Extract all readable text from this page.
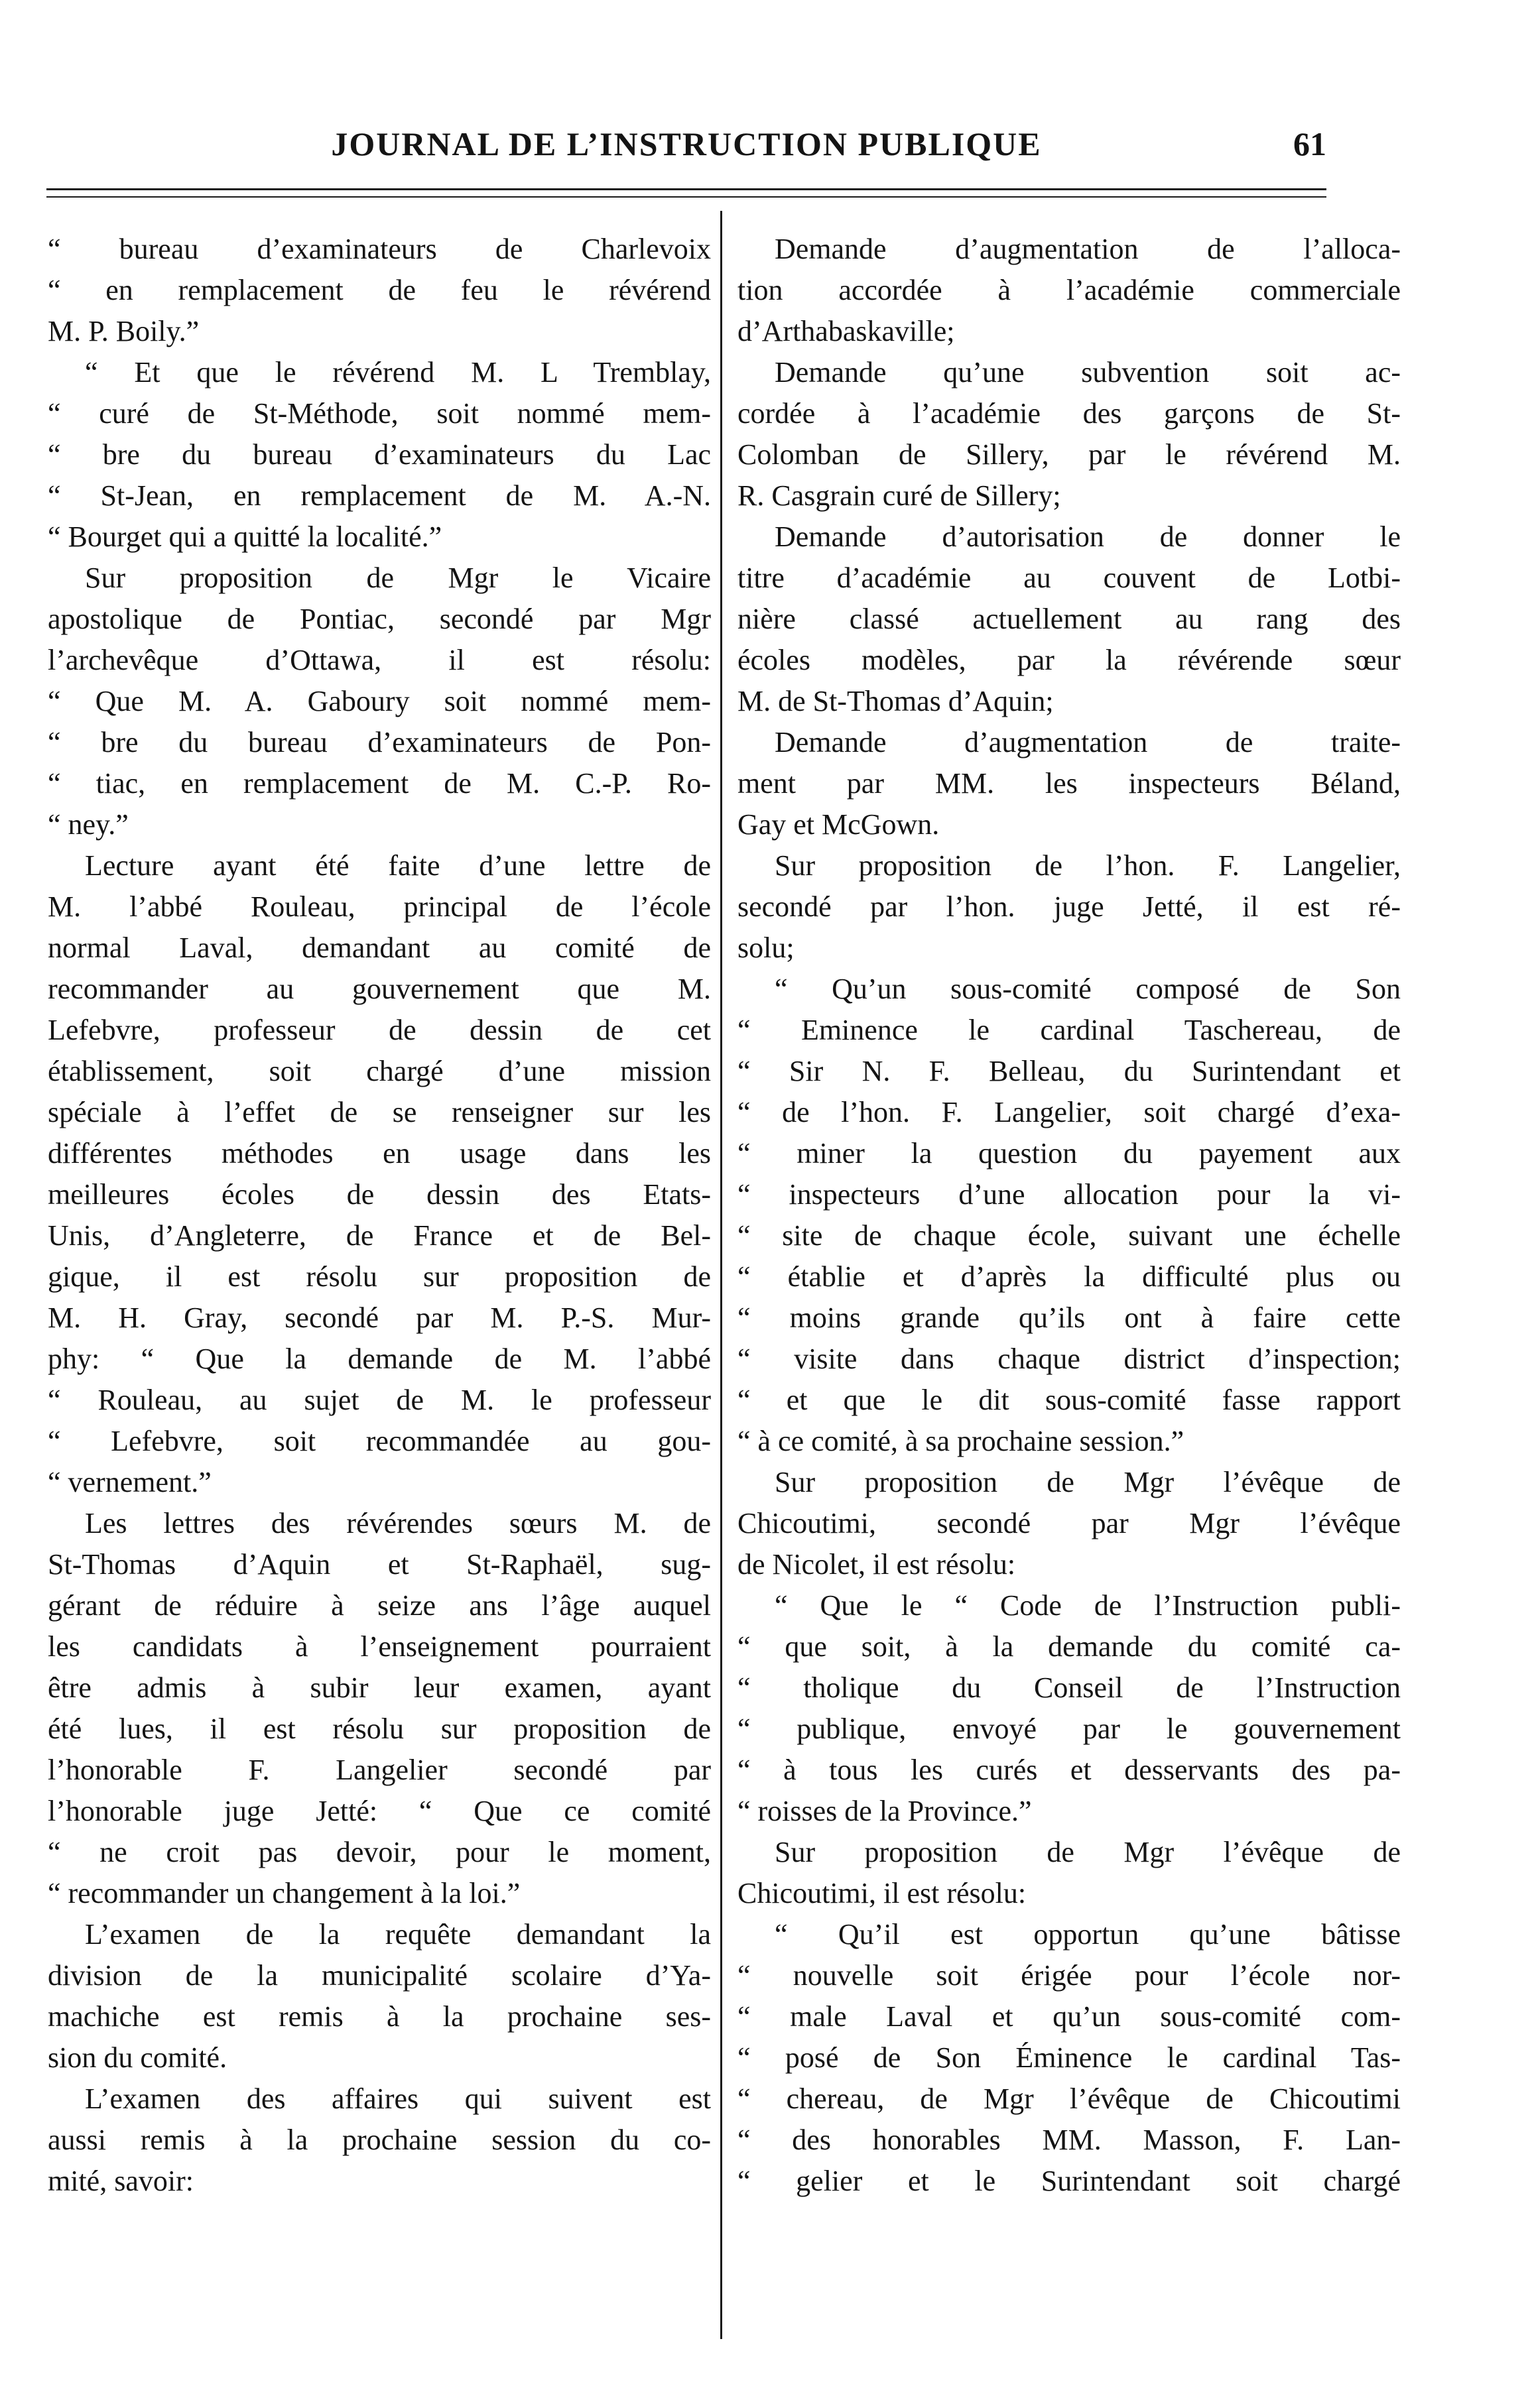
JOURNAL DE L’INSTRUCTION PUBLIQUE	61
“ bureau d’examinateurs de Charlevoix
“ en remplacement de feu le révérend
M. P. Boily.”
“ Et que le révérend M. L Tremblay,
“ curé de St-Méthode, soit nommé mem-
“ bre du bureau d’examinateurs du Lac
“ St-Jean, en remplacement de M. A.-N.
“ Bourget qui a quitté la localité.”
Sur proposition de Mgr le Vicaire
apostolique de Pontiac, secondé par Mgr
l’archevêque d’Ottawa, il est résolu:
“ Que M. A. Gaboury soit nommé mem-
“ bre du bureau d’examinateurs de Pon-
“ tiac, en remplacement de M. C.-P. Ro-
“ ney.”
Lecture ayant été faite d’une lettre de
M. l’abbé Rouleau, principal de l’école
normal Laval, demandant au comité de
recommander au gouvernement que M.
Lefebvre, professeur de dessin de cet
établissement, soit chargé d’une mission
spéciale à l’effet de se renseigner sur les
différentes méthodes en usage dans les
meilleures écoles de dessin des Etats-
Unis, d’Angleterre, de France et de Bel-
gique, il est résolu sur proposition de
M. H. Gray, secondé par M. P.-S. Mur-
phy: “ Que la demande de M. l’abbé
“ Rouleau, au sujet de M. le professeur
“ Lefebvre, soit recommandée au gou-
“ vernement.”
Les lettres des révérendes sœurs M. de
St-Thomas d’Aquin et St-Raphaël, sug-
gérant de réduire à seize ans l’âge auquel
les candidats à l’enseignement pourraient
être admis à subir leur examen, ayant
été lues, il est résolu sur proposition de
l’honorable F. Langelier secondé par
l’honorable juge Jetté: “ Que ce comité
“ ne croit pas devoir, pour le moment,
“ recommander un changement à la loi.”
L’examen de la requête demandant la
division de la municipalité scolaire d’Ya-
machiche est remis à la prochaine ses-
sion du comité.
L’examen des affaires qui suivent est
aussi remis à la prochaine session du co-
mité, savoir:
Demande d’augmentation de l’alloca-
tion accordée à l’académie commerciale
d’Arthabaskaville;
Demande qu’une subvention soit ac-
cordée à l’académie des garçons de St-
Colomban de Sillery, par le révérend M.
R. Casgrain curé de Sillery;
Demande d’autorisation de donner le
titre d’académie au couvent de Lotbi-
nière classé actuellement au rang des
écoles modèles, par la révérende sœur
M. de St-Thomas d’Aquin;
Demande d’augmentation de traite-
ment par MM. les inspecteurs Béland,
Gay et McGown.
Sur proposition de l’hon. F. Langelier,
secondé par l’hon. juge Jetté, il est ré-
solu;
“ Qu’un sous-comité composé de Son
“ Eminence le cardinal Taschereau, de
“ Sir N. F. Belleau, du Surintendant et
“ de l’hon. F. Langelier, soit chargé d’exa-
“ miner la question du payement aux
“ inspecteurs d’une allocation pour la vi-
“ site de chaque école, suivant une échelle
“ établie et d’après la difficulté plus ou
“ moins grande qu’ils ont à faire cette
“ visite dans chaque district d’inspection;
“ et que le dit sous-comité fasse rapport
“ à ce comité, à sa prochaine session.”
Sur proposition de Mgr l’évêque de
Chicoutimi, secondé par Mgr l’évêque
de Nicolet, il est résolu:
“ Que le “ Code de l’Instruction publi-
“ que soit, à la demande du comité ca-
“ tholique du Conseil de l’Instruction
“ publique, envoyé par le gouvernement
“ à tous les curés et desservants des pa-
“ roisses de la Province.”
Sur proposition de Mgr l’évêque de
Chicoutimi, il est résolu:
“ Qu’il est opportun qu’une bâtisse
“ nouvelle soit érigée pour l’école nor-
“ male Laval et qu’un sous-comité com-
“ posé de Son Éminence le cardinal Tas-
“ chereau, de Mgr l’évêque de Chicoutimi
“ des honorables MM. Masson, F. Lan-
“ gelier et le Surintendant soit chargé
